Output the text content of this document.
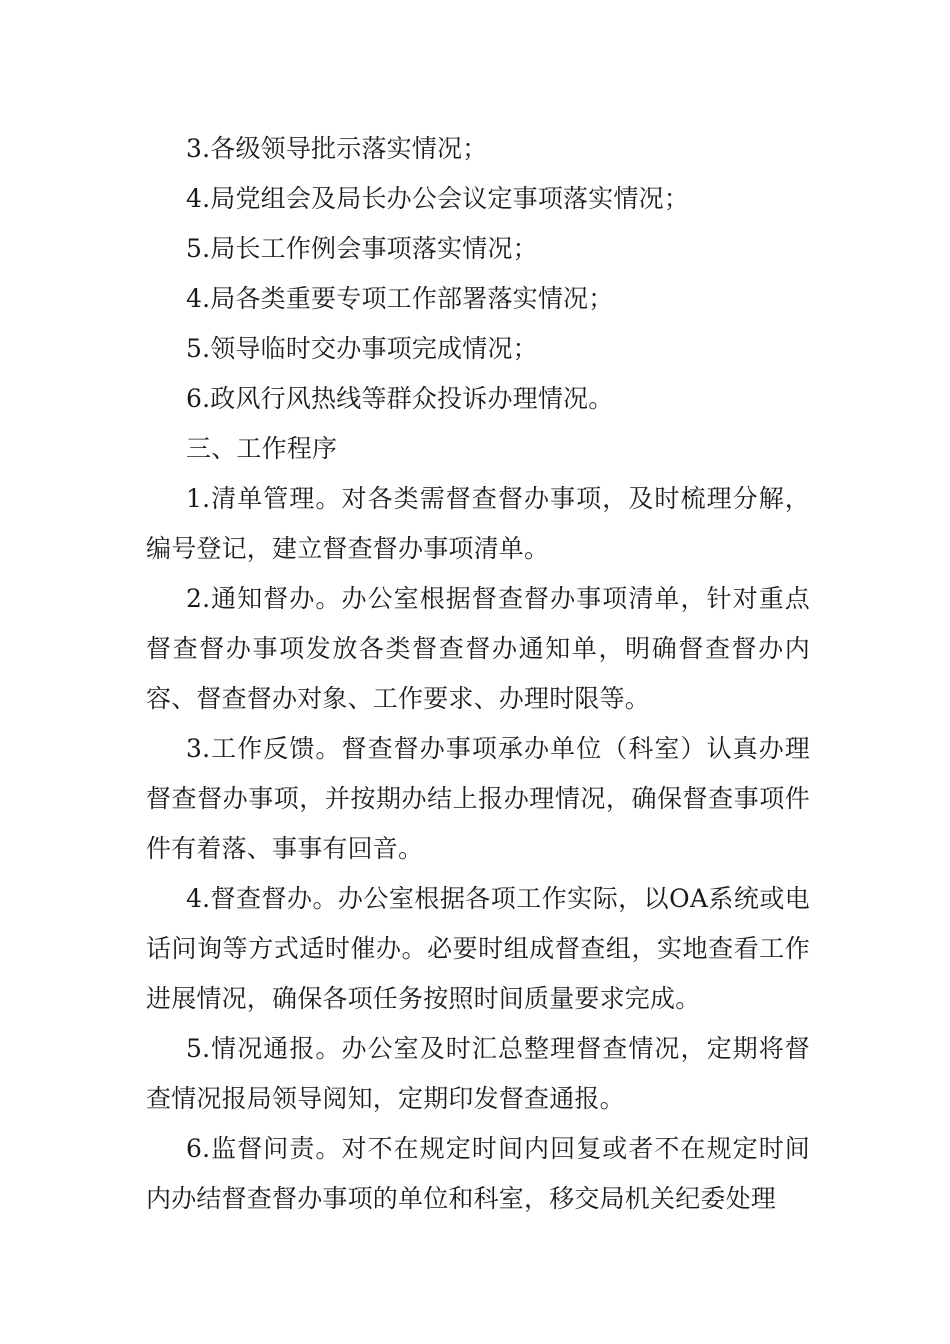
3.各级领导批示落实情况；

4.局党组会及局长办公会议定事项落实情况；

5.局长工作例会事项落实情况；

4.局各类重要专项工作部署落实情况；

5.领导临时交办事项完成情况；

6.政风行风热线等群众投诉办理情况。

三、工作程序

1.清单管理。对各类需督查督办事项，及时梳理分解，编号登记，建立督查督办事项清单。

2.通知督办。办公室根据督查督办事项清单，针对重点督查督办事项发放各类督查督办通知单，明确督查督办内容、督查督办对象、工作要求、办理时限等。

3.工作反馈。督查督办事项承办单位（科室）认真办理督查督办事项，并按期办结上报办理情况，确保督查事项件件有着落、事事有回音。

4.督查督办。办公室根据各项工作实际，以OA系统或电话问询等方式适时催办。必要时组成督查组，实地查看工作进展情况，确保各项任务按照时间质量要求完成。

5.情况通报。办公室及时汇总整理督查情况，定期将督查情况报局领导阅知，定期印发督查通报。

6.监督问责。对不在规定时间内回复或者不在规定时间内办结督查督办事项的单位和科室，移交局机关纪委处理
